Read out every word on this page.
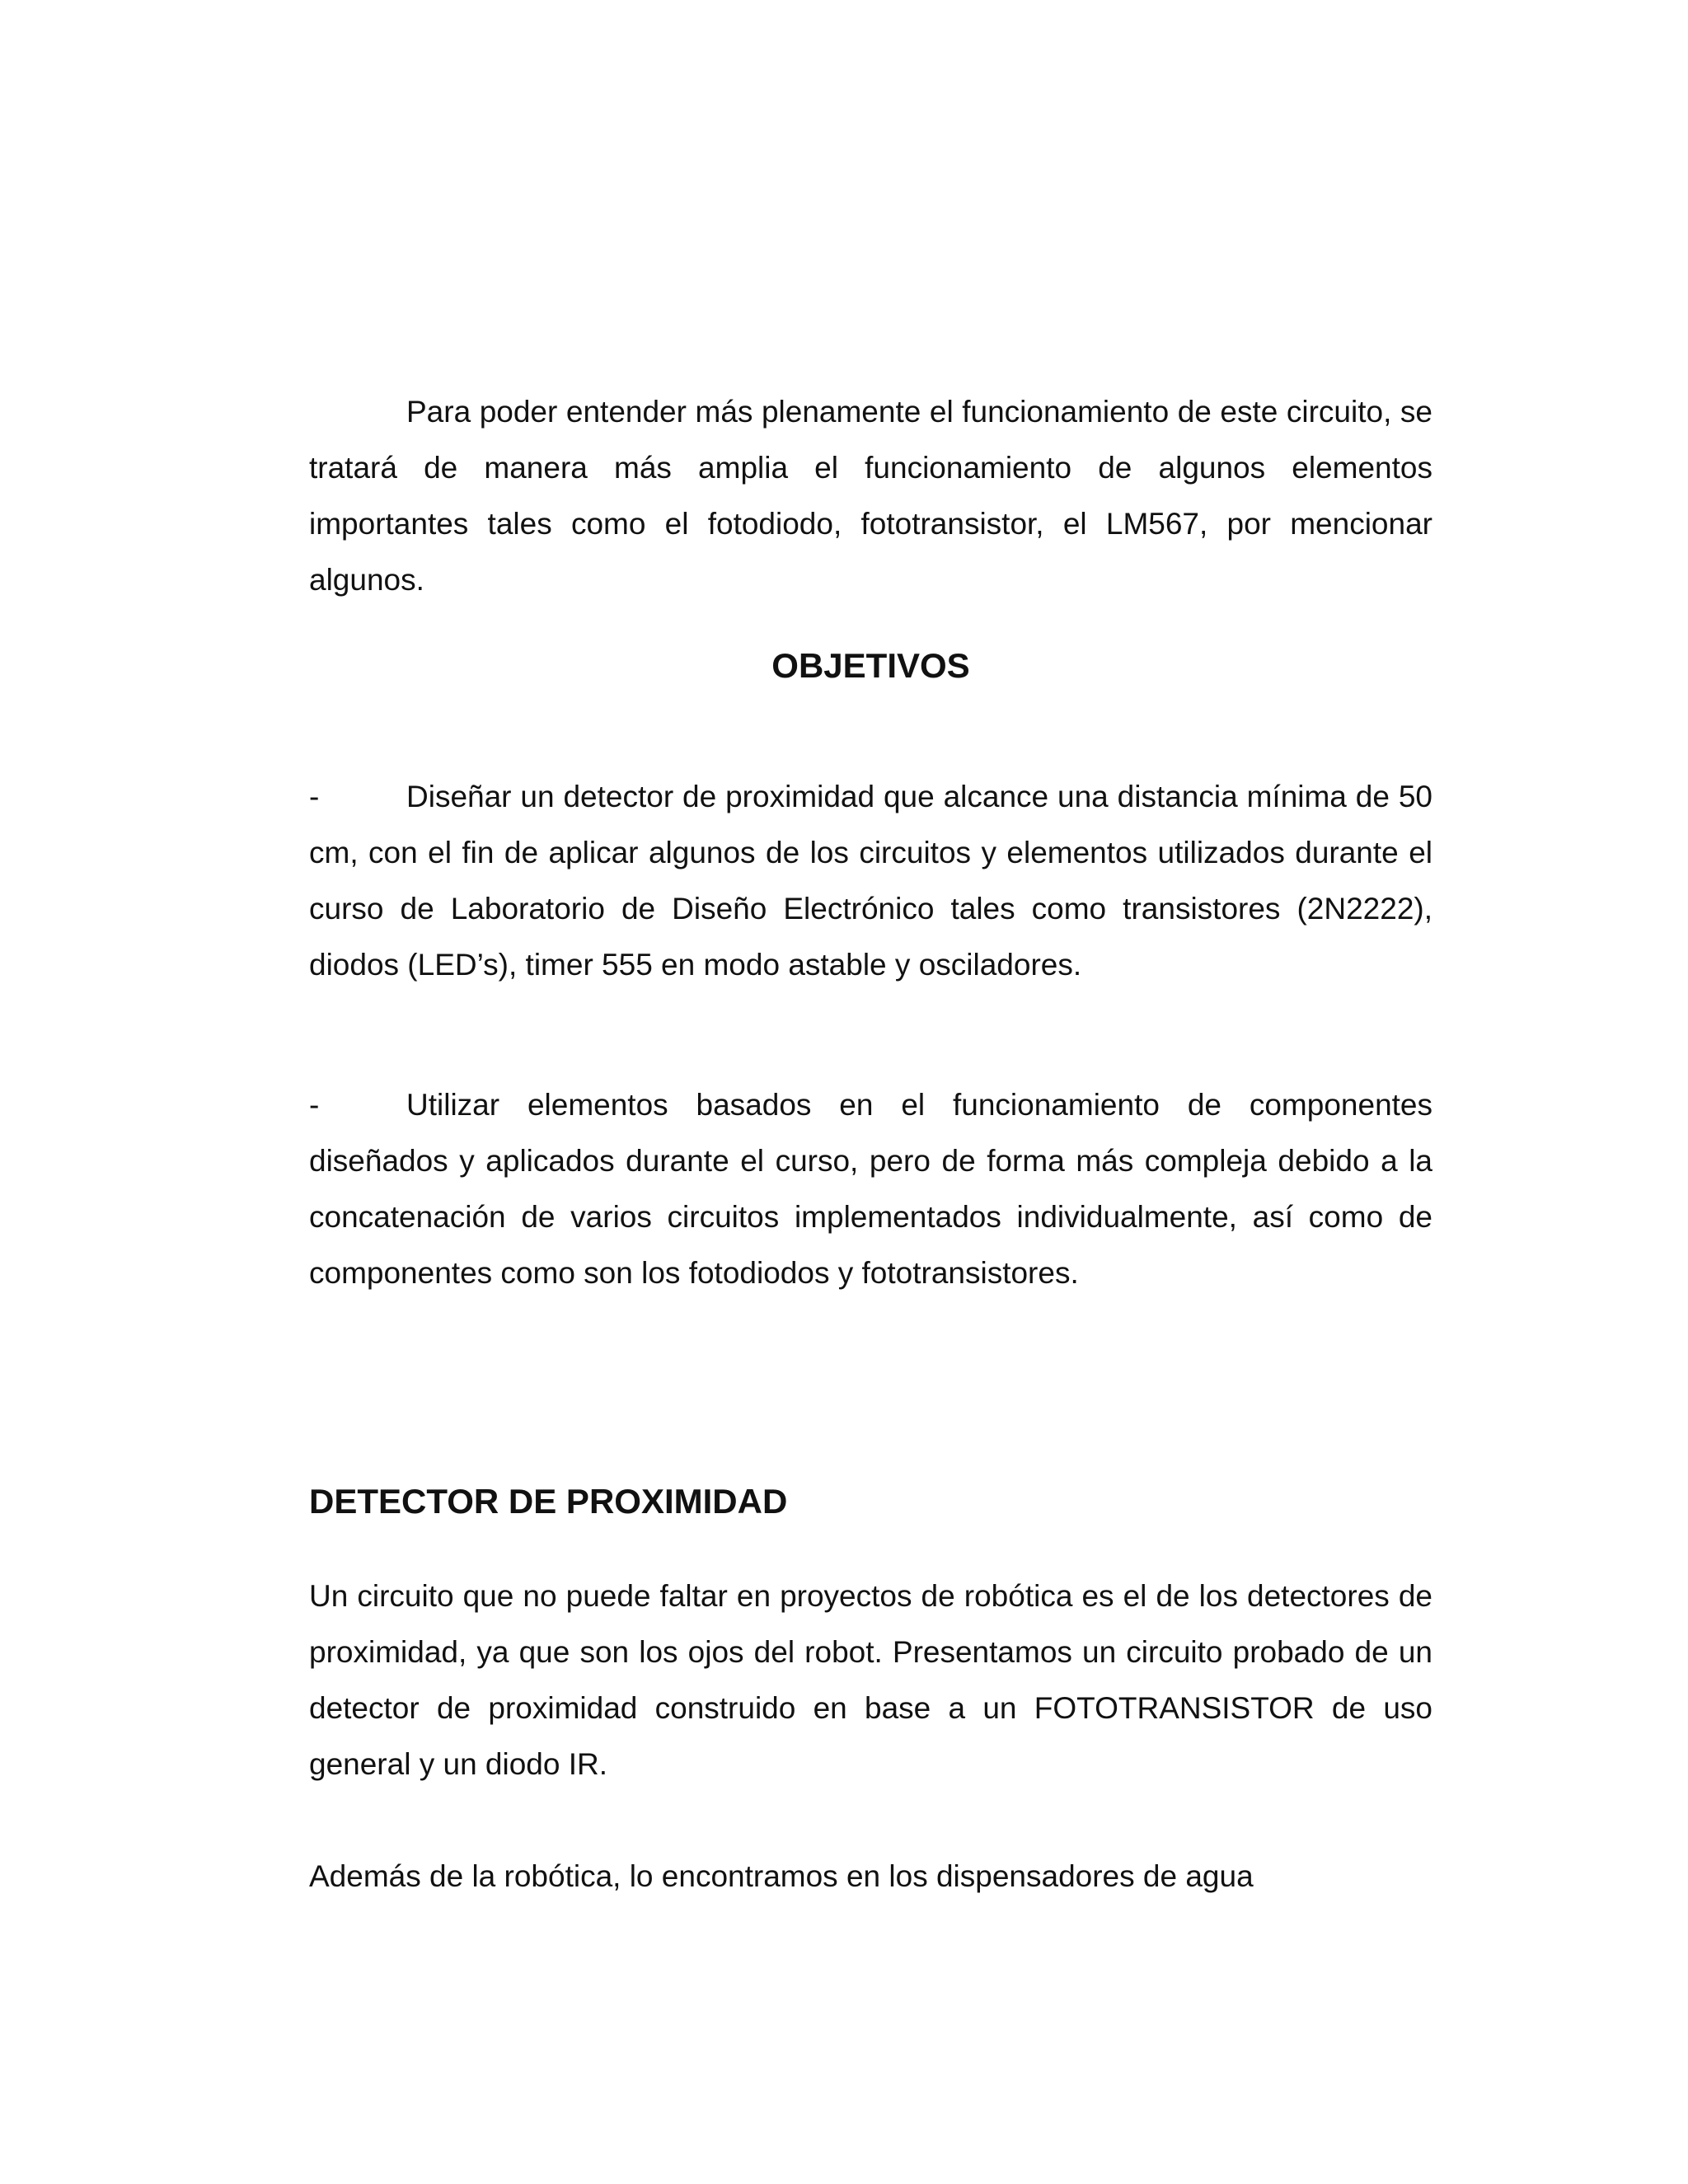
Para poder entender más plenamente el funcionamiento de este circuito, se tratará de manera más amplia el funcionamiento de algunos elementos importantes tales como el fotodiodo, fototransistor, el LM567, por mencionar algunos.

OBJETIVOS
-	Diseñar un detector de proximidad que alcance una distancia mínima de 50 cm, con el fin de aplicar algunos de los circuitos y elementos utilizados durante el curso de Laboratorio de Diseño Electrónico tales como transistores (2N2222), diodos (LED’s), timer 555 en modo astable y osciladores.
-	Utilizar elementos basados en el funcionamiento de componentes diseñados y aplicados durante el curso, pero de forma más compleja debido a la concatenación de varios circuitos implementados individualmente, así como de componentes como son los fotodiodos y fototransistores.
DETECTOR DE PROXIMIDAD

Un circuito que no puede faltar en proyectos de robótica es el de los detectores de proximidad, ya que son los ojos del robot. Presentamos un circuito probado de un detector de proximidad construido en base a un FOTOTRANSISTOR de uso general y un diodo IR.

Además de la robótica, lo encontramos en los dispensadores de agua
